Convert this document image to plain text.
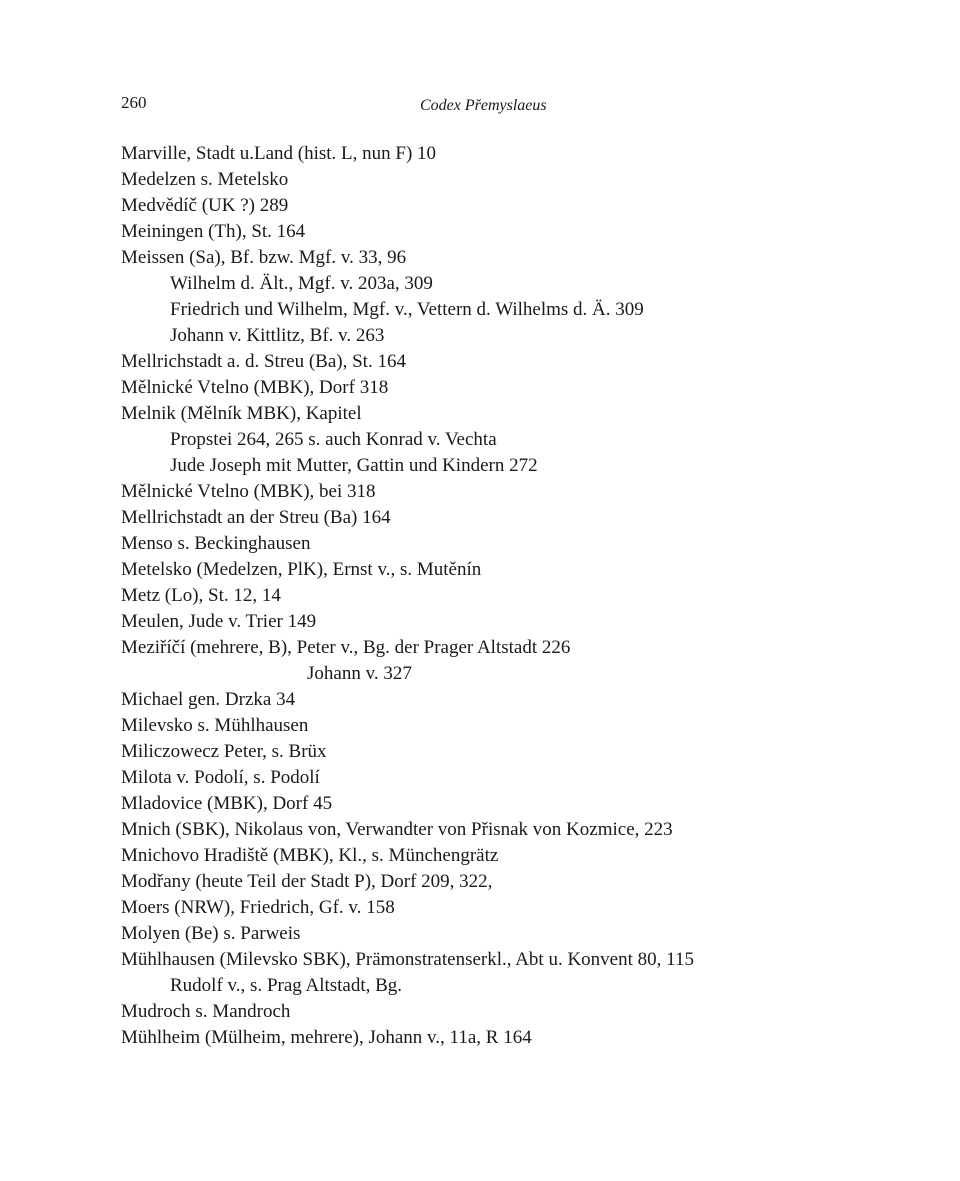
260	Codex Přemyslaeus
Marville, Stadt u.Land (hist. L, nun F) 10
Medelzen s. Metelsko
Medvědíč (UK ?) 289
Meiningen (Th), St. 164
Meissen (Sa), Bf. bzw. Mgf. v. 33, 96
Wilhelm d. Ält., Mgf. v. 203a, 309
Friedrich und Wilhelm, Mgf. v., Vettern d. Wilhelms d. Ä. 309
Johann v. Kittlitz, Bf. v. 263
Mellrichstadt a. d. Streu (Ba), St. 164
Mělnické Vtelno (MBK), Dorf 318
Melnik (Mělník MBK), Kapitel
Propstei 264, 265 s. auch Konrad v. Vechta
Jude Joseph mit Mutter, Gattin und Kindern 272
Mělnické Vtelno (MBK), bei 318
Mellrichstadt an der Streu (Ba) 164
Menso s. Beckinghausen
Metelsko (Medelzen, PlK), Ernst v., s. Mutěnín
Metz (Lo), St. 12, 14
Meulen, Jude v. Trier 149
Meziříčí (mehrere, B), Peter v., Bg. der Prager Altstadt 226
Johann v. 327
Michael gen. Drzka 34
Milevsko s. Mühlhausen
Miliczowecz Peter, s. Brüx
Milota v. Podolí, s. Podolí
Mladovice (MBK), Dorf 45
Mnich (SBK), Nikolaus von, Verwandter von Přisnak von Kozmice, 223
Mnichovo Hradiště (MBK), Kl., s. Münchengrätz
Modřany (heute Teil der Stadt P), Dorf 209, 322,
Moers (NRW), Friedrich, Gf. v. 158
Molyen (Be) s. Parweis
Mühlhausen (Milevsko SBK), Prämonstratenserkl., Abt u. Konvent 80, 115
Rudolf v., s. Prag Altstadt, Bg.
Mudroch s. Mandroch
Mühlheim (Mülheim, mehrere), Johann v., 11a, R 164
